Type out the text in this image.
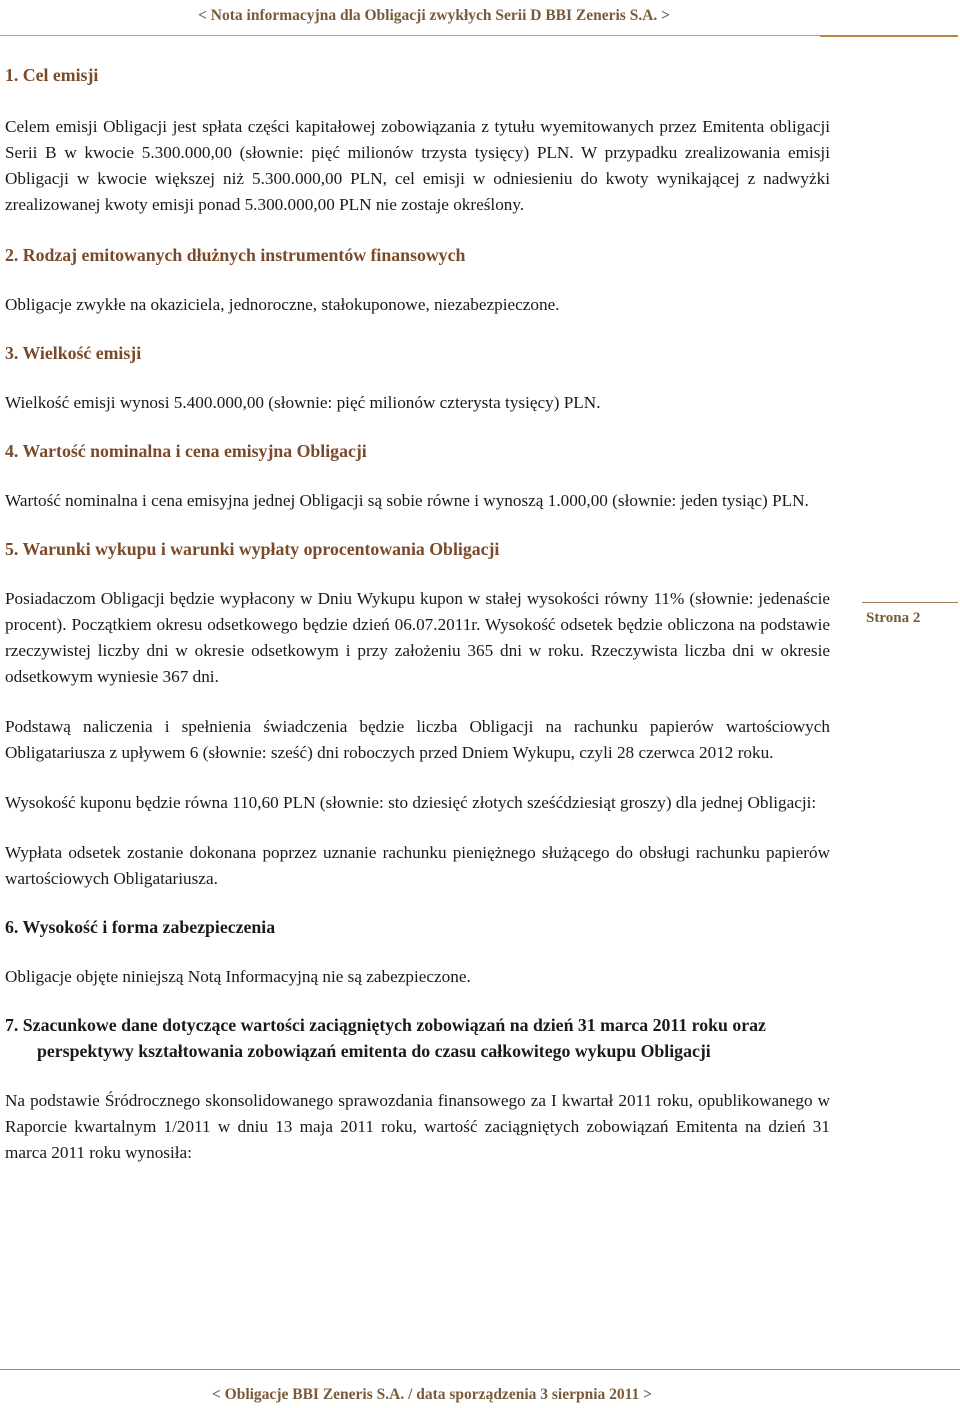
< Nota informacyjna dla Obligacji zwykłych Serii D BBI Zeneris S.A. >
Strona 2
1. Cel emisji

Celem emisji Obligacji jest spłata części kapitałowej zobowiązania z tytułu wyemitowanych przez Emitenta obligacji Serii B w kwocie 5.300.000,00 (słownie: pięć milionów trzysta tysięcy) PLN. W przypadku zrealizowania emisji Obligacji w kwocie większej niż 5.300.000,00 PLN, cel emisji w odniesieniu do kwoty wynikającej z nadwyżki zrealizowanej kwoty emisji ponad 5.300.000,00 PLN nie zostaje określony.

2. Rodzaj emitowanych dłużnych instrumentów finansowych

Obligacje zwykłe na okaziciela, jednoroczne, stałokuponowe, niezabezpieczone.

3. Wielkość emisji

Wielkość emisji wynosi 5.400.000,00 (słownie: pięć milionów czterysta tysięcy) PLN.

4. Wartość nominalna i cena emisyjna Obligacji

Wartość nominalna i cena emisyjna jednej Obligacji są sobie równe i wynoszą 1.000,00 (słownie: jeden tysiąc) PLN.

5. Warunki wykupu i warunki wypłaty oprocentowania Obligacji

Posiadaczom Obligacji będzie wypłacony w Dniu Wykupu kupon w stałej wysokości równy 11% (słownie: jedenaście procent). Początkiem okresu odsetkowego będzie dzień 06.07.2011r. Wysokość odsetek będzie obliczona na podstawie rzeczywistej liczby dni w okresie odsetkowym i przy założeniu 365 dni w roku. Rzeczywista liczba dni w okresie odsetkowym wyniesie 367 dni.

Podstawą naliczenia i spełnienia świadczenia będzie liczba Obligacji na rachunku papierów wartościowych Obligatariusza z upływem 6 (słownie: sześć) dni roboczych przed Dniem Wykupu, czyli 28 czerwca 2012 roku.

Wysokość kuponu będzie równa 110,60 PLN (słownie: sto dziesięć złotych sześćdziesiąt groszy) dla jednej Obligacji:

Wypłata odsetek zostanie dokonana poprzez uznanie rachunku pieniężnego służącego do obsługi rachunku papierów wartościowych Obligatariusza.

6. Wysokość i forma zabezpieczenia

Obligacje objęte niniejszą Notą Informacyjną nie są zabezpieczone.

7. Szacunkowe dane dotyczące wartości zaciągniętych zobowiązań na dzień 31 marca 2011 roku oraz perspektywy kształtowania zobowiązań emitenta do czasu całkowitego wykupu Obligacji

Na podstawie Śródrocznego skonsolidowanego sprawozdania finansowego za I kwartał 2011 roku, opublikowanego w Raporcie kwartalnym 1/2011 w dniu 13 maja 2011 roku, wartość zaciągniętych zobowiązań Emitenta na dzień 31 marca 2011 roku wynosiła:

< Obligacje BBI Zeneris S.A. / data sporządzenia 3 sierpnia 2011 >
